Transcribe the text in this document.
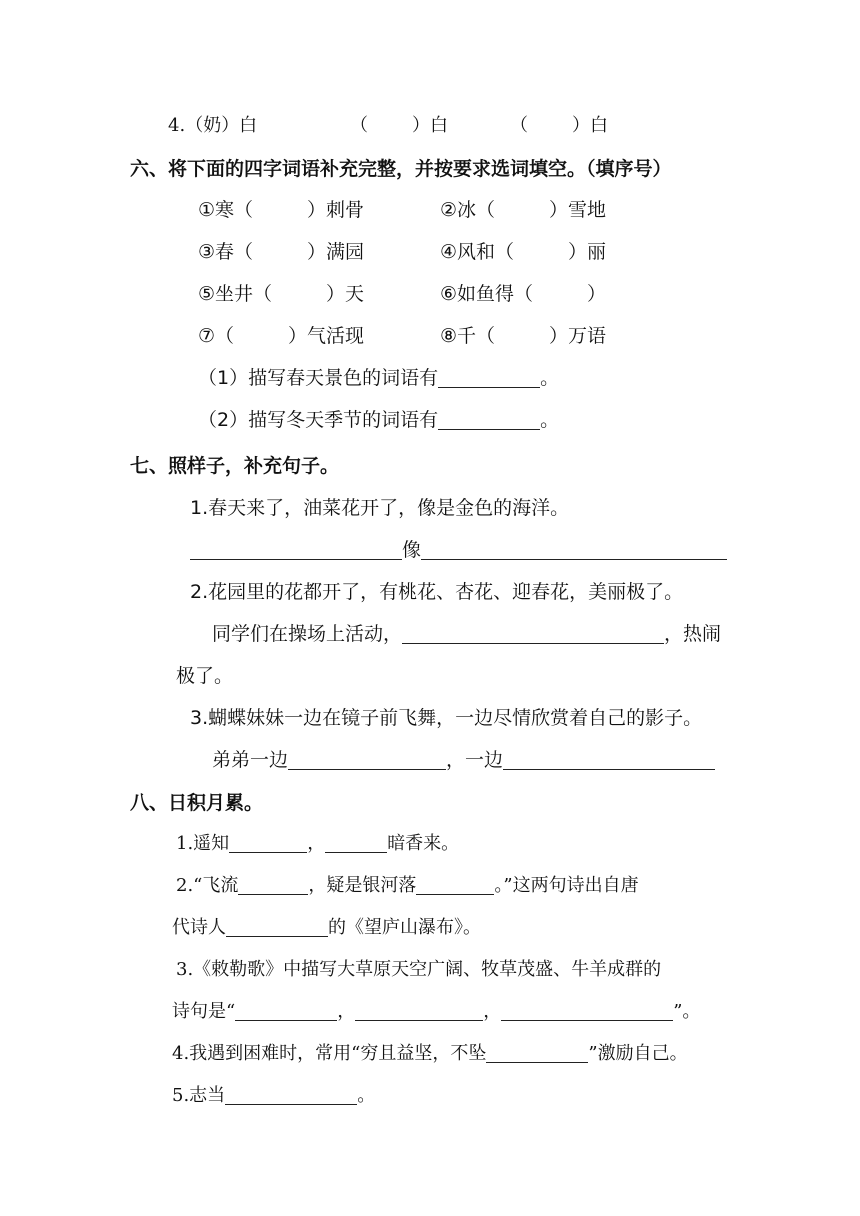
4.（奶）白	（ ）白	（ ）白
六、将下面的四字词语补充完整，并按要求选词填空。（填序号）
①寒（	）刺骨	②冰（	）雪地
③春（	）满园	④风和（	）丽
⑤坐井（	）天	⑥如鱼得（	）
⑦（	）气活现	⑧千（	）万语
（1）描写春天景色的词语有	。
（2）描写冬天季节的词语有	。
七、照样子，补充句子。
1.春天来了，油菜花开了，像是金色的海洋。
像
2.花园里的花都开了，有桃花、杏花、迎春花，美丽极了。
同学们在操场上活动，	，热闹
极了。
3.蝴蝶妹妹一边在镜子前飞舞，一边尽情欣赏着自己的影子。
弟弟一边	，一边
八、日积月累。
1.遥知	，	暗香来。
2.“飞流	，疑是银河落	。”这两句诗出自唐
代诗人	的《望庐山瀑布》。
3.《敕勒歌》中描写大草原天空广阔、牧草茂盛、牛羊成群的
诗句是“	，	，	”。
4.我遇到困难时，常用“穷且益坚，不坠	”激励自己。
5.志当	。
